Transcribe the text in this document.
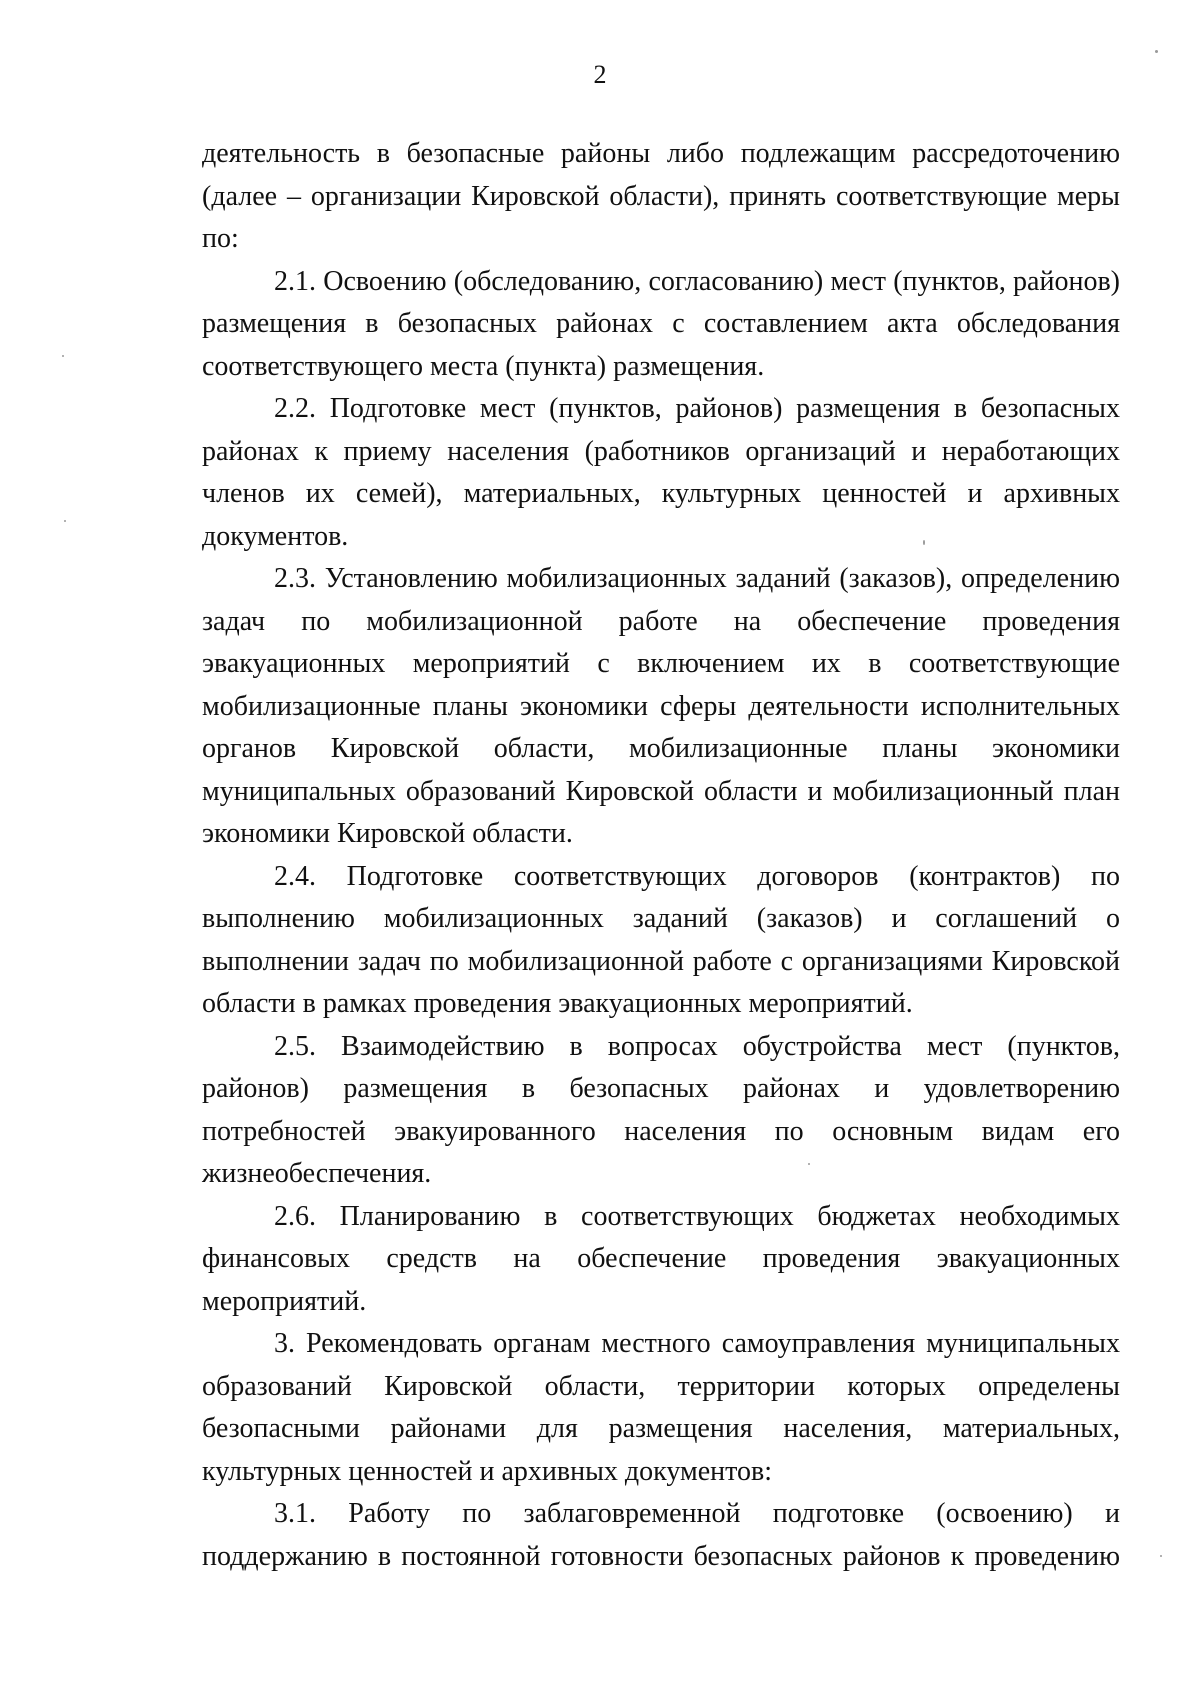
2

деятельность в безопасные районы либо подлежащим рассредоточению (далее – организации Кировской области), принять соответствующие меры по:

2.1. Освоению (обследованию, согласованию) мест (пунктов, районов) размещения в безопасных районах с составлением акта обследования соответствующего места (пункта) размещения.

2.2. Подготовке мест (пунктов, районов) размещения в безопасных районах к приему населения (работников организаций и неработающих членов их семей), материальных, культурных ценностей и архивных документов.

2.3. Установлению мобилизационных заданий (заказов), определению задач по мобилизационной работе на обеспечение проведения эвакуационных мероприятий с включением их в соответствующие мобилизационные планы экономики сферы деятельности исполнительных органов Кировской области, мобилизационные планы экономики муниципальных образований Кировской области и мобилизационный план экономики Кировской области.

2.4. Подготовке соответствующих договоров (контрактов) по выполнению мобилизационных заданий (заказов) и соглашений о выполнении задач по мобилизационной работе с организациями Кировской области в рамках проведения эвакуационных мероприятий.

2.5. Взаимодействию в вопросах обустройства мест (пунктов, районов) размещения в безопасных районах и удовлетворению потребностей эвакуированного населения по основным видам его жизнеобеспечения.

2.6. Планированию в соответствующих бюджетах необходимых финансовых средств на обеспечение проведения эвакуационных мероприятий.

3. Рекомендовать органам местного самоуправления муниципальных образований Кировской области, территории которых определены безопасными районами для размещения населения, материальных, культурных ценностей и архивных документов:

3.1. Работу по заблаговременной подготовке (освоению) и поддержанию в постоянной готовности безопасных районов к проведению
